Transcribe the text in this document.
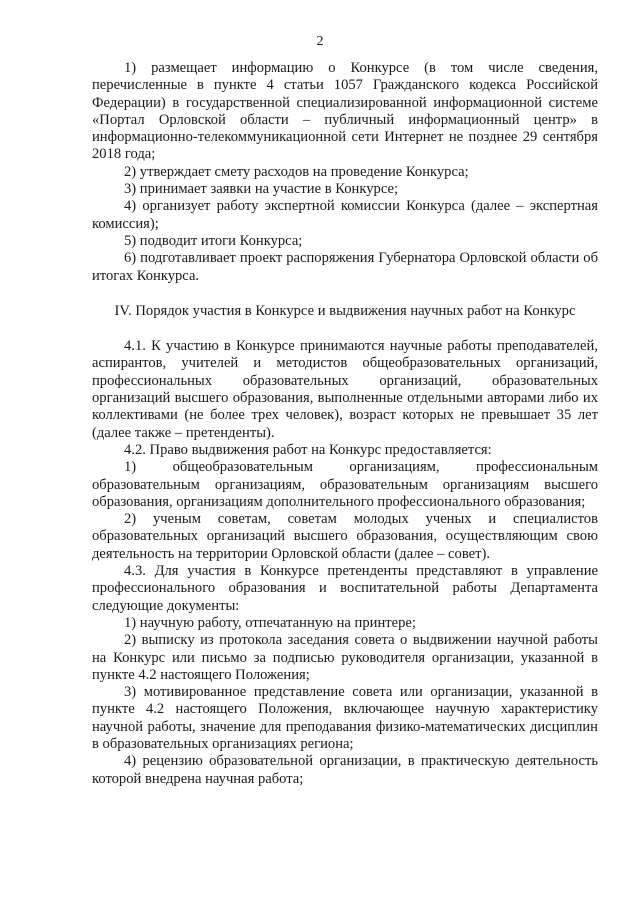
2

1) размещает информацию о Конкурсе (в том числе сведения, перечисленные в пункте 4 статьи 1057 Гражданского кодекса Российской Федерации) в государственной специализированной информационной системе «Портал Орловской области – публичный информационный центр» в информационно-телекоммуникационной сети Интернет не позднее 29 сентября 2018 года;

2) утверждает смету расходов на проведение Конкурса;

3) принимает заявки на участие в Конкурсе;

4) организует работу экспертной комиссии Конкурса (далее – экспертная комиссия);

5) подводит итоги Конкурса;

6) подготавливает проект распоряжения Губернатора Орловской области об итогах Конкурса.

IV. Порядок участия в Конкурсе и выдвижения научных работ на Конкурс

4.1. К участию в Конкурсе принимаются научные работы преподавателей, аспирантов, учителей и методистов общеобразовательных организаций, профессиональных образовательных организаций, образовательных организаций высшего образования, выполненные отдельными авторами либо их коллективами (не более трех человек), возраст которых не превышает 35 лет (далее также – претенденты).

4.2. Право выдвижения работ на Конкурс предоставляется:

1) общеобразовательным организациям, профессиональным образовательным организациям, образовательным организациям высшего образования, организациям дополнительного профессионального образования;

2) ученым советам, советам молодых ученых и специалистов образовательных организаций высшего образования, осуществляющим свою деятельность на территории Орловской области (далее – совет).

4.3. Для участия в Конкурсе претенденты представляют в управление профессионального образования и воспитательной работы Департамента следующие документы:

1) научную работу, отпечатанную на принтере;

2) выписку из протокола заседания совета о выдвижении научной работы на Конкурс или письмо за подписью руководителя организации, указанной в пункте 4.2 настоящего Положения;

3) мотивированное представление совета или организации, указанной в пункте 4.2 настоящего Положения, включающее научную характеристику научной работы, значение для преподавания физико-математических дисциплин в образовательных организациях региона;

4) рецензию образовательной организации, в практическую деятельность которой внедрена научная работа;
